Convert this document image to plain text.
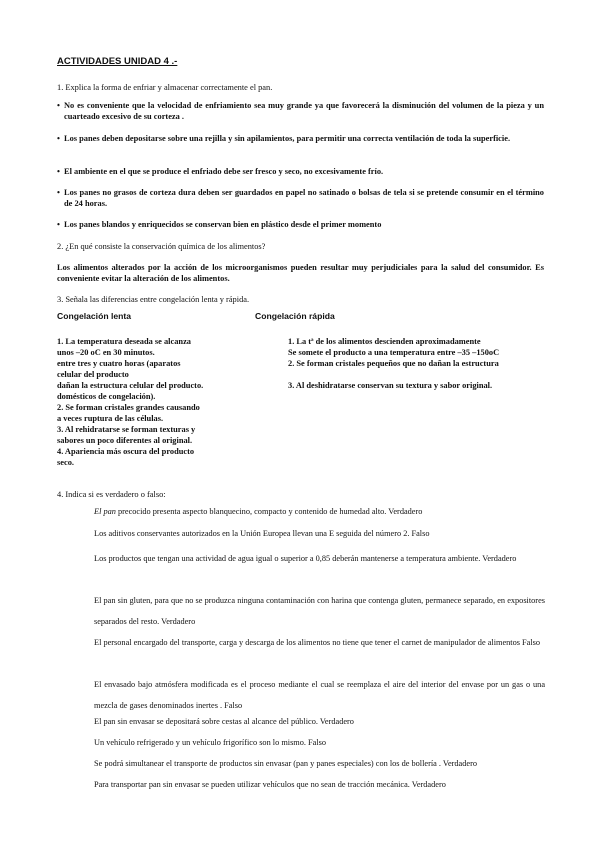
ACTIVIDADES UNIDAD 4 .-
1. Explica la forma de enfriar y almacenar correctamente el pan.
• No es conveniente que la velocidad de enfriamiento sea muy grande ya que favorecerá la disminución del volumen de la pieza y un cuarteado excesivo de su corteza .
• Los panes deben depositarse sobre una rejilla y sin apilamientos, para permitir una correcta ventilación de toda la superficie.
• El ambiente en el que se produce el enfriado debe ser fresco y seco, no excesivamente frío.
• Los panes no grasos de corteza dura deben ser guardados en papel no satinado o bolsas de tela si se pretende consumir en el término de 24 horas.
• Los panes blandos y enriquecidos se conservan bien en plástico desde el primer momento
2. ¿En qué consiste la conservación química de los alimentos?
Los alimentos alterados por la acción de los microorganismos pueden resultar muy perjudiciales para la salud del consumidor. Es conveniente evitar la alteración de los alimentos.
3. Señala las diferencias entre congelación lenta y rápida.
Congelación lenta	Congelación rápida

1. La temperatura deseada se alcanza

unos –20 oC en 30 minutos.

entre tres y cuatro horas (aparatos

celular del producto

dañan la estructura celular del producto.

domésticos de congelación).

2. Se forman cristales grandes causando

a veces ruptura de las células.

3. Al rehidratarse se forman texturas y

sabores un poco diferentes al original.

4. Apariencia más oscura del producto

seco.

1. La tª de los alimentos descienden aproximadamente

Se somete el producto a una temperatura entre –35 –150oC

2. Se forman cristales pequeños que no dañan la estructura

3. Al deshidratarse conservan su textura y sabor original.

4. Indica si es verdadero o falso:
El pan precocido presenta aspecto blanquecino, compacto y contenido de humedad alto. Verdadero
Los aditivos conservantes autorizados en la Unión Europea llevan una E seguida del número 2. Falso
Los productos que tengan una actividad de agua igual o superior a 0,85 deberán mantenerse a temperatura ambiente. Verdadero
El pan sin gluten, para que no se produzca ninguna contaminación con harina que contenga gluten, permanece separado, en expositores separados del resto. Verdadero
El personal encargado del transporte, carga y descarga de los alimentos no tiene que tener el carnet de manipulador de alimentos Falso
El envasado bajo atmósfera modificada es el proceso mediante el cual se reemplaza el aire del interior del envase por un gas o una mezcla de gases denominados inertes . Falso
El pan sin envasar se depositará sobre cestas al alcance del público. Verdadero
Un vehículo refrigerado y un vehículo frigorífico son lo mismo. Falso
Se podrá simultanear el transporte de productos sin envasar (pan y panes especiales) con los de bollería . Verdadero
Para transportar pan sin envasar se pueden utilizar vehículos que no sean de tracción mecánica. Verdadero
